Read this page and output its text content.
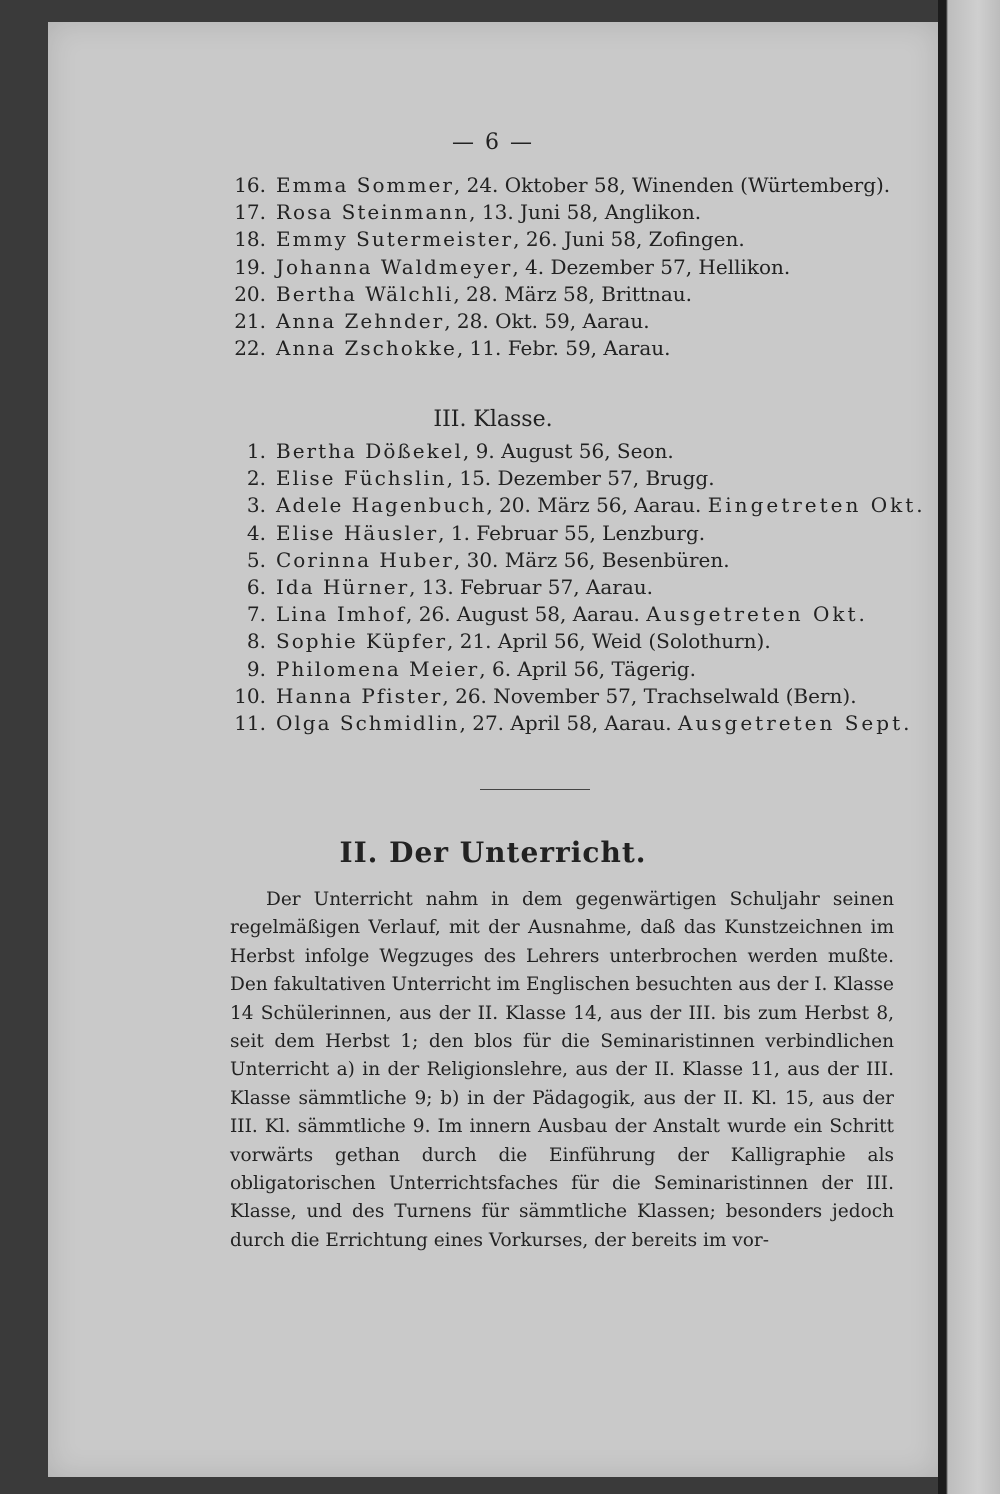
— 6 —
16. Emma Sommer, 24. Oktober 58, Winenden (Würtemberg).
17. Rosa Steinmann, 13. Juni 58, Anglikon.
18. Emmy Sutermeister, 26. Juni 58, Zofingen.
19. Johanna Waldmeyer, 4. Dezember 57, Hellikon.
20. Bertha Wälchli, 28. März 58, Brittnau.
21. Anna Zehnder, 28. Okt. 59, Aarau.
22. Anna Zschokke, 11. Febr. 59, Aarau.
III. Klasse.
1. Bertha Dößekel, 9. August 56, Seon.
2. Elise Füchslin, 15. Dezember 57, Brugg.
3. Adele Hagenbuch, 20. März 56, Aarau. Eingetreten Okt.
4. Elise Häusler, 1. Februar 55, Lenzburg.
5. Corinna Huber, 30. März 56, Besenbüren.
6. Ida Hürner, 13. Februar 57, Aarau.
7. Lina Imhof, 26. August 58, Aarau. Ausgetreten Okt.
8. Sophie Küpfer, 21. April 56, Weid (Solothurn).
9. Philomena Meier, 6. April 56, Tägerig.
10. Hanna Pfister, 26. November 57, Trachselwald (Bern).
11. Olga Schmidlin, 27. April 58, Aarau. Ausgetreten Sept.
II. Der Unterricht.

Der Unterricht nahm in dem gegenwärtigen Schuljahr seinen regelmäßigen Verlauf, mit der Ausnahme, daß das Kunstzeichnen im Herbst infolge Wegzuges des Lehrers unterbrochen werden mußte. Den fakultativen Unterricht im Englischen besuchten aus der I. Klasse 14 Schülerinnen, aus der II. Klasse 14, aus der III. bis zum Herbst 8, seit dem Herbst 1; den blos für die Seminaristinnen verbindlichen Unterricht a) in der Religionslehre, aus der II. Klasse 11, aus der III. Klasse sämmtliche 9; b) in der Pädagogik, aus der II. Kl. 15, aus der III. Kl. sämmtliche 9. Im innern Ausbau der Anstalt wurde ein Schritt vorwärts gethan durch die Einführung der Kalligraphie als obligatorischen Unterrichtsfaches für die Seminaristinnen der III. Klasse, und des Turnens für sämmtliche Klassen; besonders jedoch durch die Errichtung eines Vorkurses, der bereits im vor-
